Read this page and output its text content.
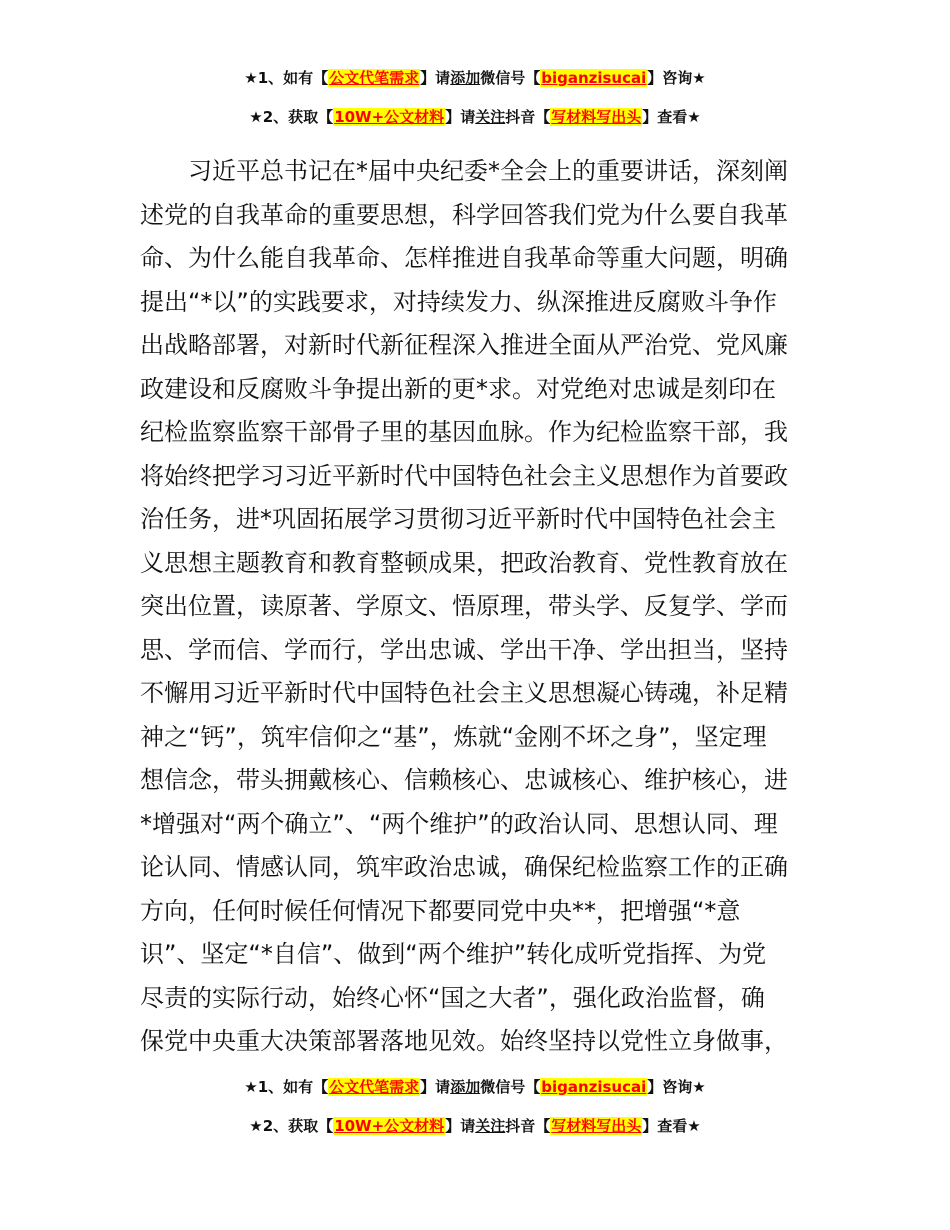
★1、如有【公文代笔需求】请添加微信号【biganzisucai】咨询★
★2、获取【10W+公文材料】请关注抖音【写材料写出头】查看★
习近平总书记在*届中央纪委*全会上的重要讲话，深刻阐
述党的自我革命的重要思想，科学回答我们党为什么要自我革
命、为什么能自我革命、怎样推进自我革命等重大问题，明确
提出“*以”的实践要求，对持续发力、纵深推进反腐败斗争作
出战略部署，对新时代新征程深入推进全面从严治党、党风廉
政建设和反腐败斗争提出新的更*求。对党绝对忠诚是刻印在
纪检监察监察干部骨子里的基因血脉。作为纪检监察干部，我
将始终把学习习近平新时代中国特色社会主义思想作为首要政
治任务，进*巩固拓展学习贯彻习近平新时代中国特色社会主
义思想主题教育和教育整顿成果，把政治教育、党性教育放在
突出位置，读原著、学原文、悟原理，带头学、反复学、学而
思、学而信、学而行，学出忠诚、学出干净、学出担当，坚持
不懈用习近平新时代中国特色社会主义思想凝心铸魂，补足精
神之“钙”，筑牢信仰之“基”，炼就“金刚不坏之身”，坚定理
想信念，带头拥戴核心、信赖核心、忠诚核心、维护核心，进
*增强对“两个确立”、“两个维护”的政治认同、思想认同、理
论认同、情感认同，筑牢政治忠诚，确保纪检监察工作的正确
方向，任何时候任何情况下都要同党中央**，把增强“*意
识”、坚定“*自信”、做到“两个维护”转化成听党指挥、为党
尽责的实际行动，始终心怀“国之大者”，强化政治监督，确
保党中央重大决策部署落地见效。始终坚持以党性立身做事，
★1、如有【公文代笔需求】请添加微信号【biganzisucai】咨询★
★2、获取【10W+公文材料】请关注抖音【写材料写出头】查看★
